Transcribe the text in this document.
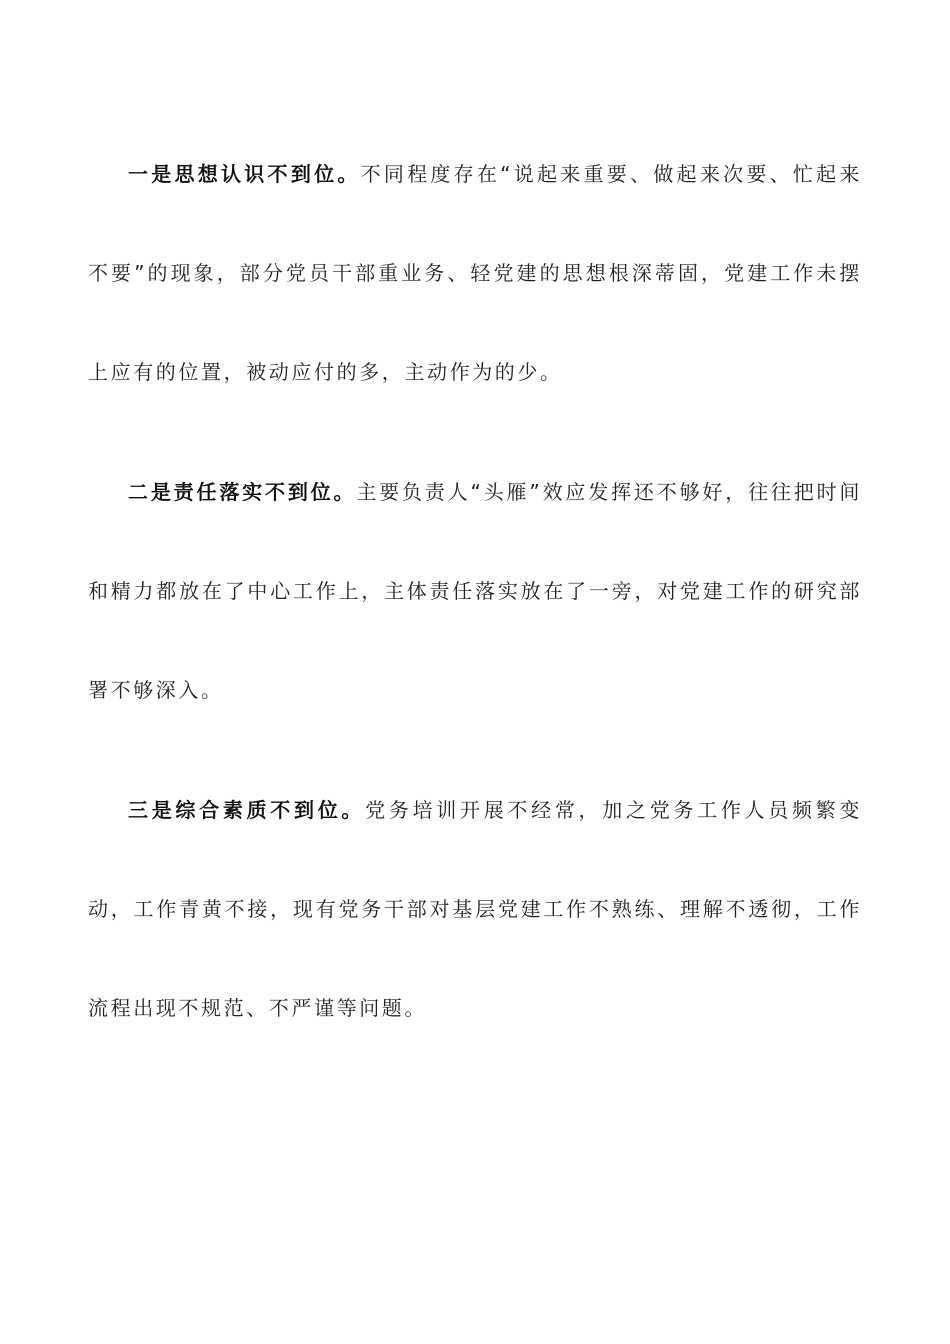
一是思想认识不到位。不同程度存在“说起来重要、做起来次要、忙起来不要”的现象，部分党员干部重业务、轻党建的思想根深蒂固，党建工作未摆上应有的位置，被动应付的多，主动作为的少。

二是责任落实不到位。主要负责人“头雁”效应发挥还不够好，往往把时间和精力都放在了中心工作上，主体责任落实放在了一旁，对党建工作的研究部署不够深入。

三是综合素质不到位。党务培训开展不经常，加之党务工作人员频繁变动，工作青黄不接，现有党务干部对基层党建工作不熟练、理解不透彻，工作流程出现不规范、不严谨等问题。
